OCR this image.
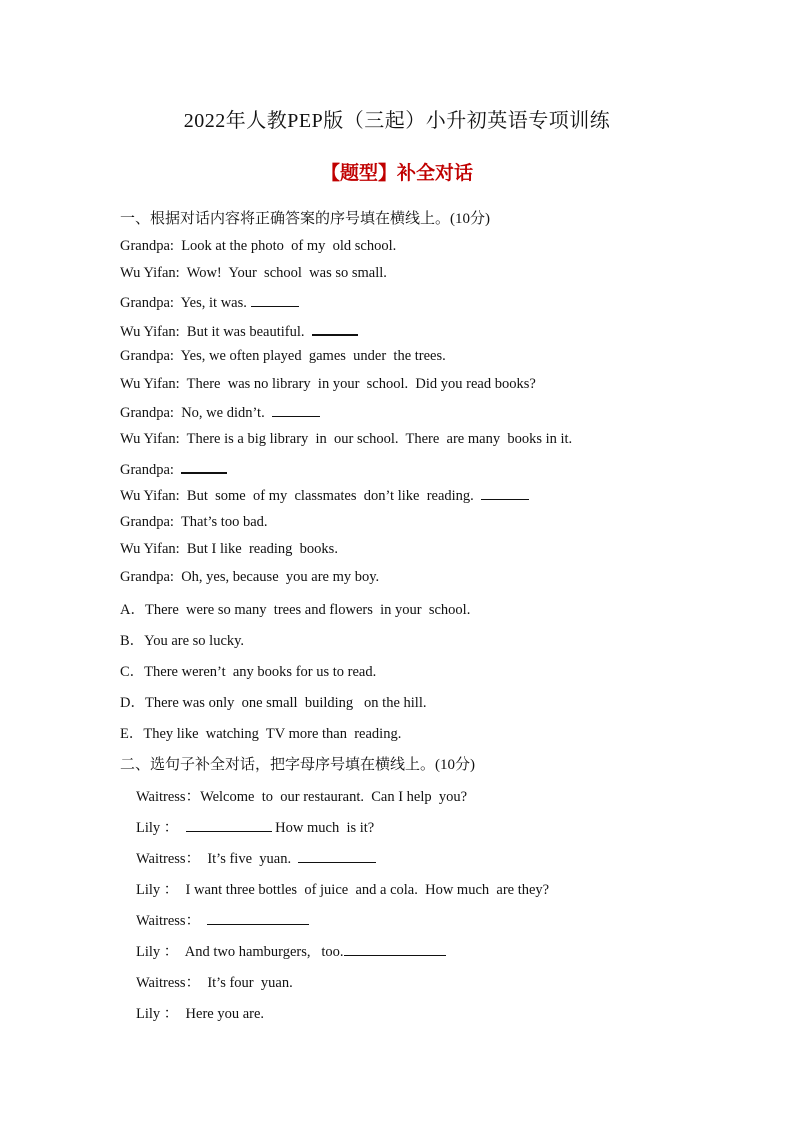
2022年人教PEP版（三起）小升初英语专项训练
【题型】补全对话
一、根据对话内容将正确答案的序号填在横线上。(10分)
Grandpa:  Look at the photo  of my  old school.
Wu Yifan:  Wow!  Your  school  was so small.
Grandpa:  Yes, it was.
Wu Yifan:  But it was beautiful.
Grandpa:  Yes, we often played  games  under  the trees.
Wu Yifan:  There  was no library  in your  school.  Did you read books?
Grandpa:  No, we didn’t.
Wu Yifan:  There is a big library  in  our school.  There  are many  books in it.
Grandpa:
Wu Yifan:  But  some  of my  classmates  don’t like  reading.
Grandpa:  That’s too bad.
Wu Yifan:  But I like  reading  books.
Grandpa:  Oh, yes, because  you are my boy.
A．There  were so many  trees and flowers  in your  school.
B．You are so lucky.
C．There weren’t  any books for us to read.
D．There was only  one small  building   on the hill.
E．They like  watching  TV more than  reading.
二、选句子补全对话，把字母序号填在横线上。(10分)
Waitress：Welcome  to  our restaurant.  Can I help  you?
Lily ：	How much  is it?
Waitress：  It’s five  yuan.
Lily ：  I want three bottles  of juice  and a cola.  How much  are they?
Waitress：
Lily ：  And two hamburgers,   too.
Waitress：  It’s four  yuan.
Lily ：  Here you are.
